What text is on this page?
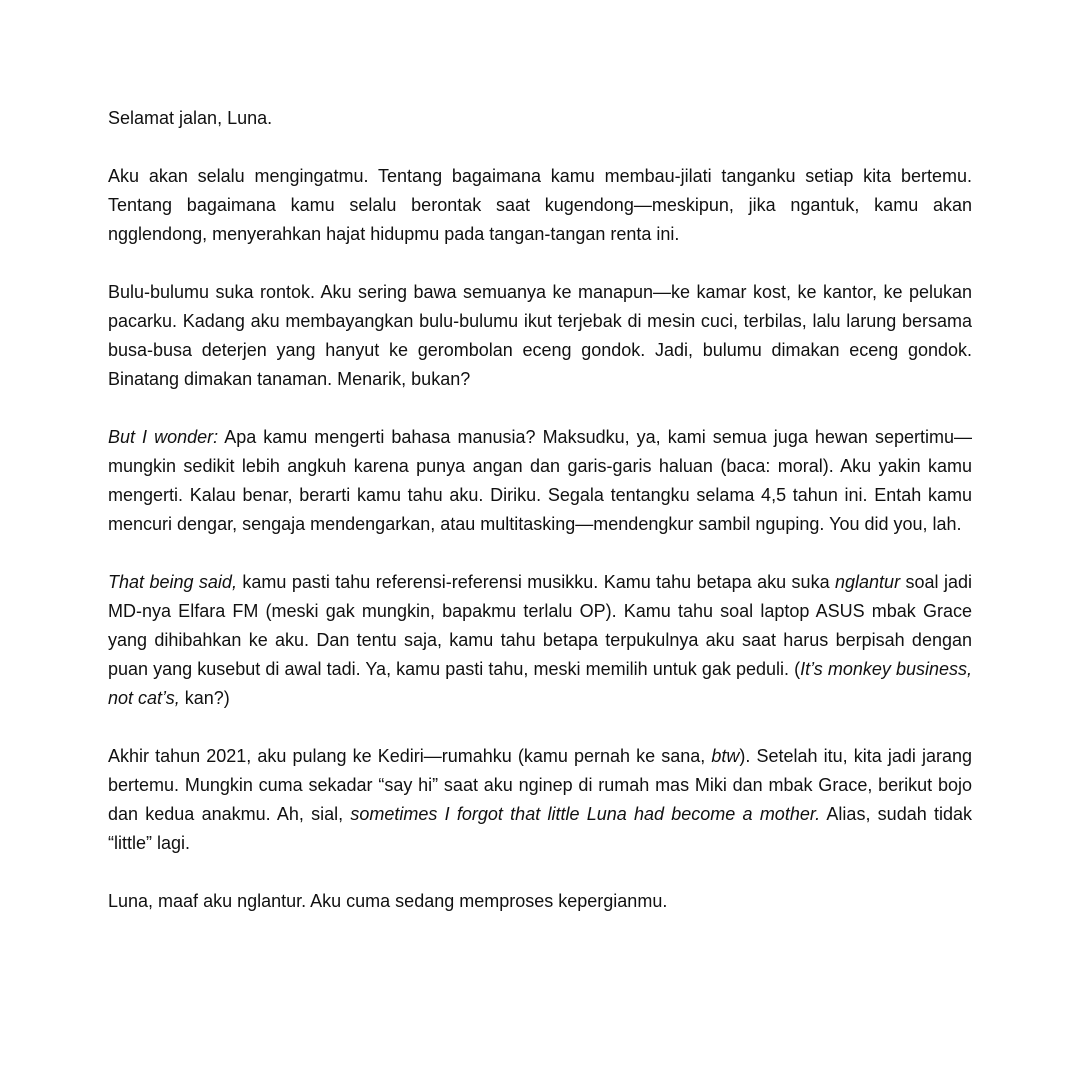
Selamat jalan, Luna.

Aku akan selalu mengingatmu. Tentang bagaimana kamu membau-jilati tanganku setiap kita bertemu. Tentang bagaimana kamu selalu berontak saat kugendong—meskipun, jika ngantuk, kamu akan ngglendong, menyerahkan hajat hidupmu pada tangan-tangan renta ini.

Bulu-bulumu suka rontok. Aku sering bawa semuanya ke manapun—ke kamar kost, ke kantor, ke pelukan pacarku. Kadang aku membayangkan bulu-bulumu ikut terjebak di mesin cuci, terbilas, lalu larung bersama busa-busa deterjen yang hanyut ke gerombolan eceng gondok. Jadi, bulumu dimakan eceng gondok. Binatang dimakan tanaman. Menarik, bukan?

But I wonder: Apa kamu mengerti bahasa manusia? Maksudku, ya, kami semua juga hewan sepertimu—mungkin sedikit lebih angkuh karena punya angan dan garis-garis haluan (baca: moral). Aku yakin kamu mengerti. Kalau benar, berarti kamu tahu aku. Diriku. Segala tentangku selama 4,5 tahun ini. Entah kamu mencuri dengar, sengaja mendengarkan, atau multitasking—mendengkur sambil nguping. You did you, lah.

That being said, kamu pasti tahu referensi-referensi musikku. Kamu tahu betapa aku suka nglantur soal jadi MD-nya Elfara FM (meski gak mungkin, bapakmu terlalu OP). Kamu tahu soal laptop ASUS mbak Grace yang dihibahkan ke aku. Dan tentu saja, kamu tahu betapa terpukulnya aku saat harus berpisah dengan puan yang kusebut di awal tadi. Ya, kamu pasti tahu, meski memilih untuk gak peduli. (It’s monkey business, not cat’s, kan?)

Akhir tahun 2021, aku pulang ke Kediri—rumahku (kamu pernah ke sana, btw). Setelah itu, kita jadi jarang bertemu. Mungkin cuma sekadar “say hi” saat aku nginep di rumah mas Miki dan mbak Grace, berikut bojo dan kedua anakmu. Ah, sial, sometimes I forgot that little Luna had become a mother. Alias, sudah tidak “little” lagi.

Luna, maaf aku nglantur. Aku cuma sedang memproses kepergianmu.
